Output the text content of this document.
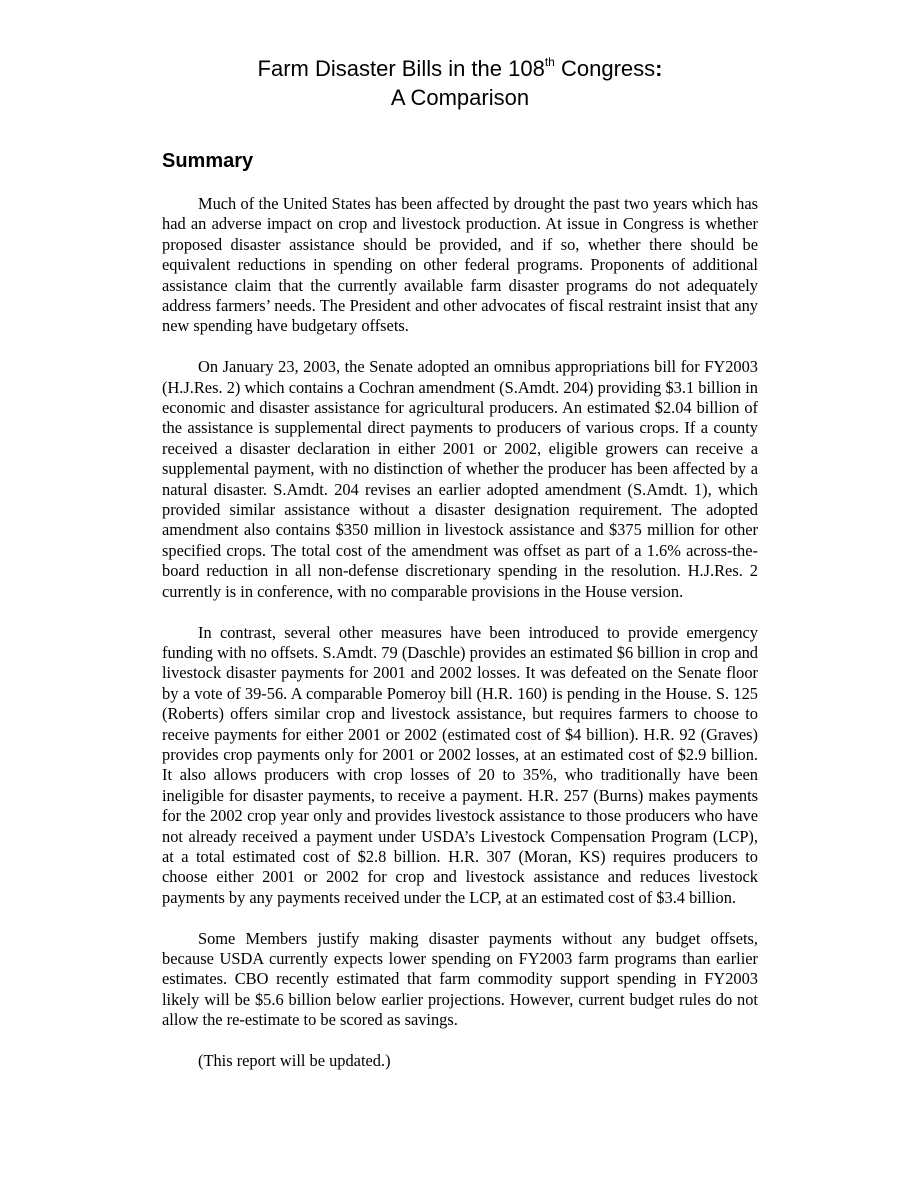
Farm Disaster Bills in the 108th Congress:
A Comparison
Summary

Much of the United States has been affected by drought the past two years which has had an adverse impact on crop and livestock production. At issue in Congress is whether proposed disaster assistance should be provided, and if so, whether there should be equivalent reductions in spending on other federal programs. Proponents of additional assistance claim that the currently available farm disaster programs do not adequately address farmers’ needs. The President and other advocates of fiscal restraint insist that any new spending have budgetary offsets.

On January 23, 2003, the Senate adopted an omnibus appropriations bill for FY2003 (H.J.Res. 2) which contains a Cochran amendment (S.Amdt. 204) providing $3.1 billion in economic and disaster assistance for agricultural producers. An estimated $2.04 billion of the assistance is supplemental direct payments to producers of various crops. If a county received a disaster declaration in either 2001 or 2002, eligible growers can receive a supplemental payment, with no distinction of whether the producer has been affected by a natural disaster. S.Amdt. 204 revises an earlier adopted amendment (S.Amdt. 1), which provided similar assistance without a disaster designation requirement. The adopted amendment also contains $350 million in livestock assistance and $375 million for other specified crops. The total cost of the amendment was offset as part of a 1.6% across-the-board reduction in all non-defense discretionary spending in the resolution. H.J.Res. 2 currently is in conference, with no comparable provisions in the House version.

In contrast, several other measures have been introduced to provide emergency funding with no offsets. S.Amdt. 79 (Daschle) provides an estimated $6 billion in crop and livestock disaster payments for 2001 and 2002 losses. It was defeated on the Senate floor by a vote of 39-56. A comparable Pomeroy bill (H.R. 160) is pending in the House. S. 125 (Roberts) offers similar crop and livestock assistance, but requires farmers to choose to receive payments for either 2001 or 2002 (estimated cost of $4 billion). H.R. 92 (Graves) provides crop payments only for 2001 or 2002 losses, at an estimated cost of $2.9 billion. It also allows producers with crop losses of 20 to 35%, who traditionally have been ineligible for disaster payments, to receive a payment. H.R. 257 (Burns) makes payments for the 2002 crop year only and provides livestock assistance to those producers who have not already received a payment under USDA’s Livestock Compensation Program (LCP), at a total estimated cost of $2.8 billion. H.R. 307 (Moran, KS) requires producers to choose either 2001 or 2002 for crop and livestock assistance and reduces livestock payments by any payments received under the LCP, at an estimated cost of $3.4 billion.

Some Members justify making disaster payments without any budget offsets, because USDA currently expects lower spending on FY2003 farm programs than earlier estimates. CBO recently estimated that farm commodity support spending in FY2003 likely will be $5.6 billion below earlier projections. However, current budget rules do not allow the re-estimate to be scored as savings.

(This report will be updated.)
